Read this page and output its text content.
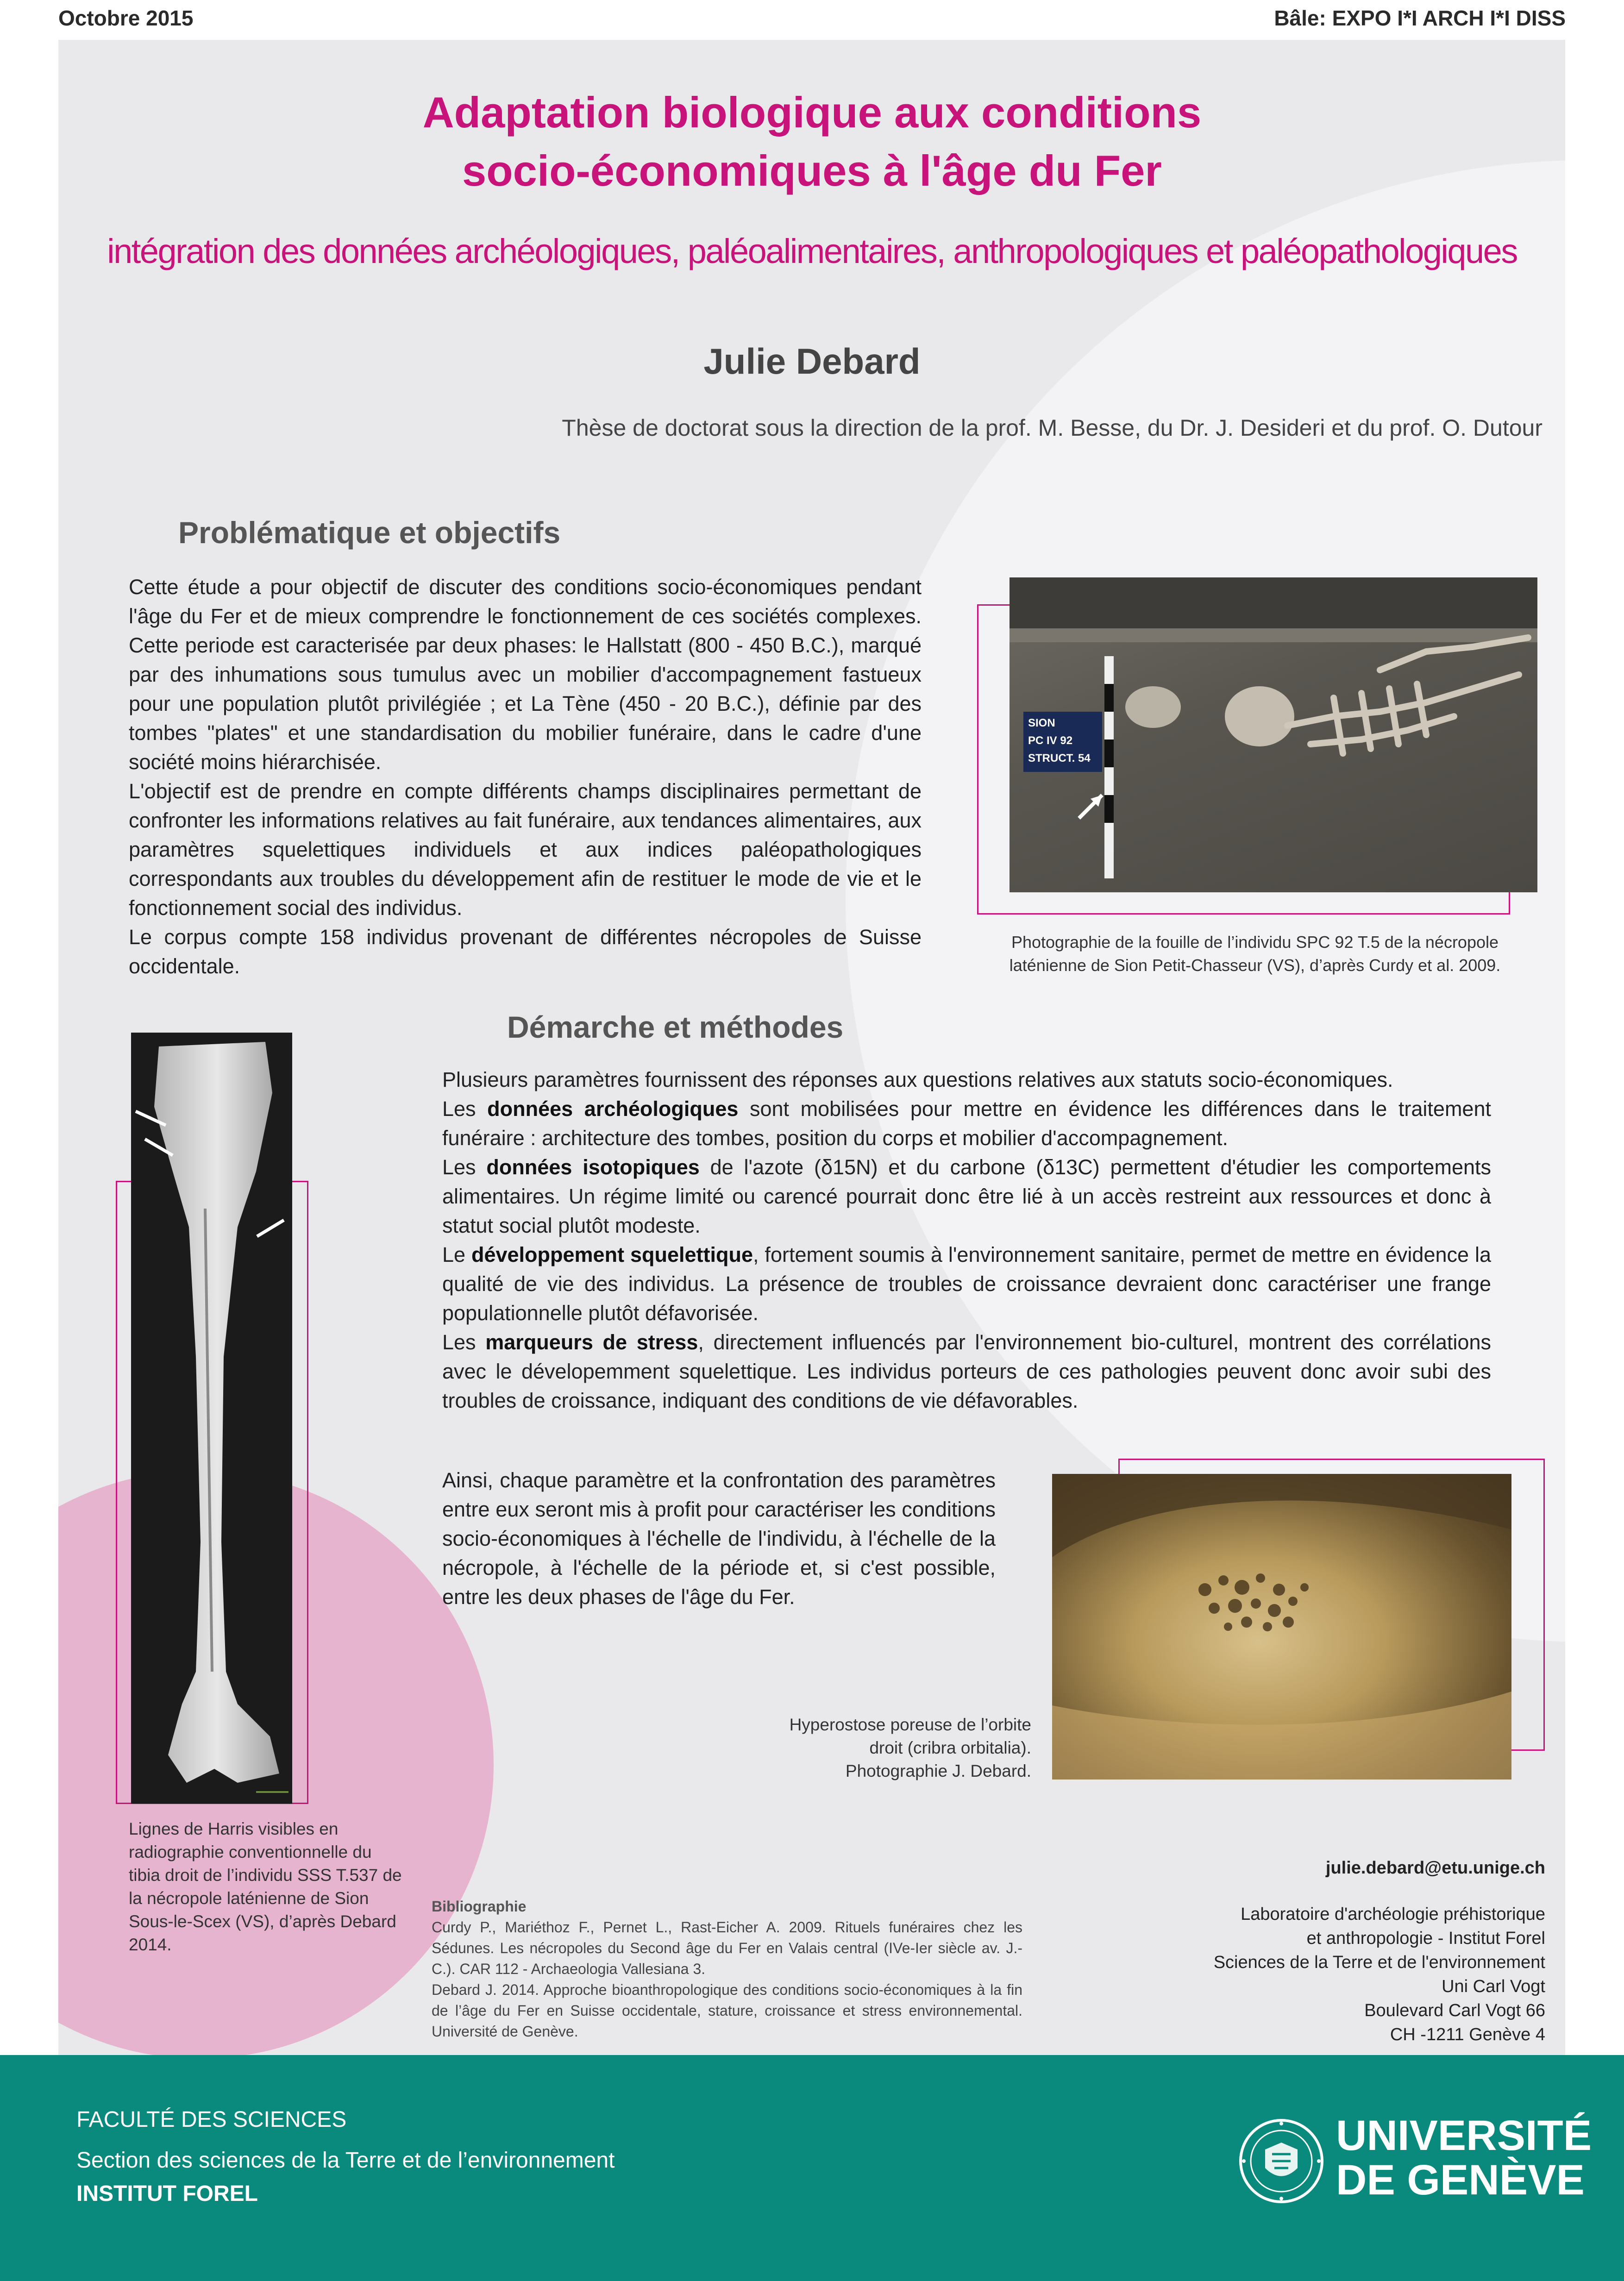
Octobre 2015	Bâle: EXPO I*I ARCH I*I DISS
Adaptation biologique aux conditions
socio-économiques à l'âge du Fer
intégration des données archéologiques, paléoalimentaires, anthropologiques et paléopathologiques
Julie Debard
Thèse de doctorat sous la direction de la prof. M. Besse, du Dr. J. Desideri et du prof. O. Dutour
Problématique et objectifs

Cette étude a pour objectif de discuter des conditions socio-économiques pendant l'âge du Fer et de mieux comprendre le fonctionnement de ces sociétés complexes. Cette periode est caracterisée par deux phases: le Hallstatt (800 - 450 B.C.), marqué par des inhumations sous tumulus avec un mobilier d'accompagnement fastueux pour une population plutôt privilégiée ; et La Tène (450 - 20 B.C.), définie par des tombes "plates" et une standardisation du mobilier funéraire, dans le cadre d'une société moins hiérarchisée.

L'objectif est de prendre en compte différents champs disciplinaires permettant de confronter les informations relatives au fait funéraire, aux tendances alimentaires, aux paramètres squelettiques individuels et aux indices paléopathologiques correspondants aux troubles du développement afin de restituer le mode de vie et le fonctionnement social des individus.

Le corpus compte 158 individus provenant de différentes nécropoles de Suisse occidentale.

SION
PC IV 92
STRUCT. 54
Photographie de la fouille de l’individu SPC 92 T.5 de la nécropole
laténienne de Sion Petit-Chasseur (VS), d’après Curdy et al. 2009.
Lignes de Harris visibles en radiographie conventionnelle du tibia droit de l’individu SSS T.537 de la nécropole laténienne de Sion Sous-le-Scex (VS), d’après Debard 2014.
Démarche et méthodes

Plusieurs paramètres fournissent des réponses aux questions relatives aux statuts socio-économiques.

Les données archéologiques sont mobilisées pour mettre en évidence les différences dans le traitement funéraire : architecture des tombes, position du corps et mobilier d'accompagnement.

Les données isotopiques de l'azote (δ15N) et du carbone (δ13C) permettent d'étudier les comportements alimentaires. Un régime limité ou carencé pourrait donc être lié à un accès restreint aux ressources et donc à statut social plutôt modeste.

Le développement squelettique, fortement soumis à l'environnement sanitaire, permet de mettre en évidence la qualité de vie des individus. La présence de troubles de croissance devraient donc caractériser une frange populationnelle plutôt défavorisée.

Les marqueurs de stress, directement influencés par l'environnement bio-culturel, montrent des corrélations avec le dévelopemment squelettique. Les individus porteurs de ces pathologies peuvent donc avoir subi des troubles de croissance, indiquant des conditions de vie défavorables.

Ainsi, chaque paramètre et la confrontation des paramètres entre eux seront mis à profit pour caractériser les conditions socio-économiques à l'échelle de l'individu, à l'échelle de la nécropole, à l'échelle de la période et, si c'est possible, entre les deux phases de l'âge du Fer.
Hyperostose poreuse de l’orbite
droit (cribra orbitalia).
Photographie J. Debard.
Bibliographie
Curdy P., Mariéthoz F., Pernet L., Rast-Eicher A. 2009. Rituels funéraires chez les Sédunes. Les nécropoles du Second âge du Fer en Valais central (IVe-Ier siècle av. J.-C.). CAR 112 - Archaeologia Vallesiana 3.
Debard J. 2014. Approche bioanthropologique des conditions socio-économiques à la fin de l’âge du Fer en Suisse occidentale, stature, croissance et stress environnemental. Université de Genève.
julie.debard@etu.unige.ch
Laboratoire d'archéologie préhistorique
et anthropologie - Institut Forel
Sciences de la Terre et de l'environnement
Uni Carl Vogt
Boulevard Carl Vogt 66
CH -1211 Genève 4
FACULTÉ DES SCIENCES
Section des sciences de la Terre et de l’environnement
INSTITUT FOREL
UNIVERSITÉ
DE GENÈVE
